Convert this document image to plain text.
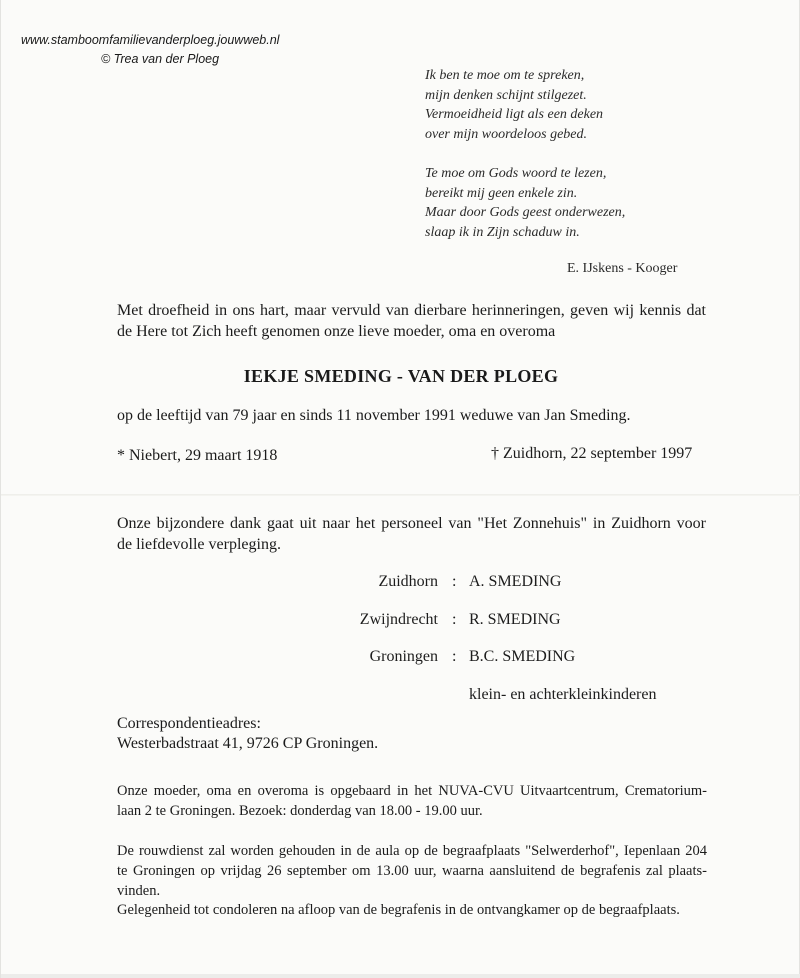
www.stamboomfamilievanderploeg.jouwweb.nl
© Trea van der Ploeg
Ik ben te moe om te spreken,
mijn denken schijnt stilgezet.
Vermoeidheid ligt als een deken
over mijn woordeloos gebed.
Te moe om Gods woord te lezen,
bereikt mij geen enkele zin.
Maar door Gods geest onderwezen,
slaap ik in Zijn schaduw in.
E. IJskens - Kooger
Met droefheid in ons hart, maar vervuld van dierbare herinneringen, geven wij kennis dat
de Here tot Zich heeft genomen onze lieve moeder, oma en overoma
IEKJE SMEDING - VAN DER PLOEG
op de leeftijd van 79 jaar en sinds 11 november 1991 weduwe van Jan Smeding.
* Niebert, 29 maart 1918	† Zuidhorn, 22 september 1997
Onze bijzondere dank gaat uit naar het personeel van "Het Zonnehuis" in Zuidhorn voor
de liefdevolle verpleging.
Zuidhorn : A. SMEDING
Zwijndrecht : R. SMEDING
Groningen : B.C. SMEDING
klein- en achterkleinkinderen
Correspondentieadres:
Westerbadstraat 41, 9726 CP Groningen.
Onze moeder, oma en overoma is opgebaard in het NUVA-CVU Uitvaartcentrum, Crematorium-
laan 2 te Groningen. Bezoek: donderdag van 18.00 - 19.00 uur.
De rouwdienst zal worden gehouden in de aula op de begraafplaats "Selwerderhof", Iepenlaan 204
te Groningen op vrijdag 26 september om 13.00 uur, waarna aansluitend de begrafenis zal plaats-
vinden.
Gelegenheid tot condoleren na afloop van de begrafenis in de ontvangkamer op de begraafplaats.
